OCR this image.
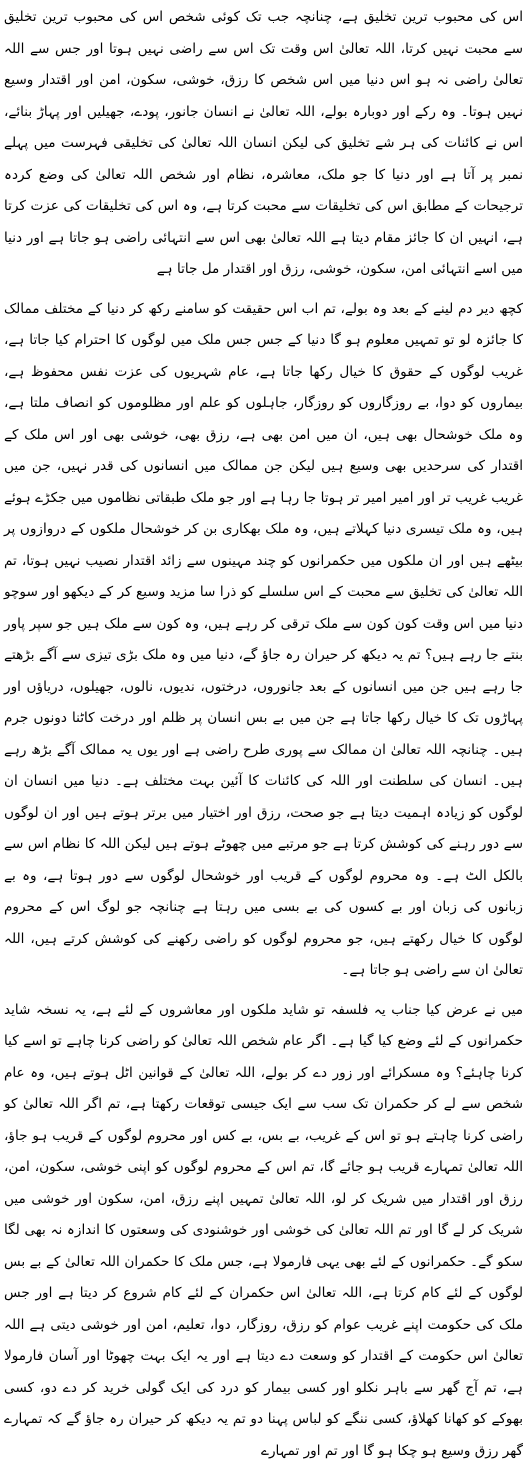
اس کی محبوب ترین تخلیق ہے، چنانچہ جب تک کوئی شخص اس کی محبوب ترین تخلیق سے محبت نہیں کرتا، اللہ تعالیٰ اس وقت تک اس سے راضی نہیں ہوتا اور جس سے اللہ تعالیٰ راضی نہ ہو اس دنیا میں اس شخص کا رزق، خوشی، سکون، امن اور اقتدار وسیع نہیں ہوتا۔ وہ رکے اور دوبارہ بولے، اللہ تعالیٰ نے انسان جانور، پودے، جھیلیں اور پہاڑ بنائے، اس نے کائنات کی ہر شے تخلیق کی لیکن انسان اللہ تعالیٰ کی تخلیقی فہرست میں پہلے نمبر پر آتا ہے اور دنیا کا جو ملک، معاشرہ، نظام اور شخص اللہ تعالیٰ کی وضع کردہ ترجیحات کے مطابق اس کی تخلیقات سے محبت کرتا ہے، وہ اس کی تخلیقات کی عزت کرتا ہے، انہیں ان کا جائز مقام دیتا ہے اللہ تعالیٰ بھی اس سے انتہائی راضی ہو جاتا ہے اور دنیا میں اسے انتہائی امن، سکون، خوشی، رزق اور اقتدار مل جاتا ہے

کچھ دیر دم لینے کے بعد وہ بولے، تم اب اس حقیقت کو سامنے رکھ کر دنیا کے مختلف ممالک کا جائزہ لو تو تمہیں معلوم ہو گا دنیا کے جس جس ملک میں لوگوں کا احترام کیا جاتا ہے، غریب لوگوں کے حقوق کا خیال رکھا جاتا ہے، عام شہریوں کی عزت نفس محفوظ ہے، بیماروں کو دوا، بے روزگاروں کو روزگار، جاہلوں کو علم اور مظلوموں کو انصاف ملتا ہے، وہ ملک خوشحال بھی ہیں، ان میں امن بھی ہے، رزق بھی، خوشی بھی اور اس ملک کے اقتدار کی سرحدیں بھی وسیع ہیں لیکن جن ممالک میں انسانوں کی قدر نہیں، جن میں غریب غریب تر اور امیر امیر تر ہوتا جا رہا ہے اور جو ملک طبقاتی نظاموں میں جکڑے ہوئے ہیں، وہ ملک تیسری دنیا کہلاتے ہیں، وہ ملک بھکاری بن کر خوشحال ملکوں کے دروازوں پر بیٹھے ہیں اور ان ملکوں میں حکمرانوں کو چند مہینوں سے زائد اقتدار نصیب نہیں ہوتا، تم اللہ تعالیٰ کی تخلیق سے محبت کے اس سلسلے کو ذرا سا مزید وسیع کر کے دیکھو اور سوچو دنیا میں اس وقت کون کون سے ملک ترقی کر رہے ہیں، وہ کون سے ملک ہیں جو سپر پاور بنتے جا رہے ہیں؟ تم یہ دیکھ کر حیران رہ جاؤ گے، دنیا میں وہ ملک بڑی تیزی سے آگے بڑھتے جا رہے ہیں جن میں انسانوں کے بعد جانوروں، درختوں، ندیوں، نالوں، جھیلوں، دریاؤں اور پہاڑوں تک کا خیال رکھا جاتا ہے جن میں بے بس انسان پر ظلم اور درخت کاٹنا دونوں جرم ہیں۔ چنانچہ اللہ تعالیٰ ان ممالک سے پوری طرح راضی ہے اور یوں یہ ممالک آگے بڑھ رہے ہیں۔ انسان کی سلطنت اور اللہ کی کائنات کا آئین بہت مختلف ہے۔ دنیا میں انسان ان لوگوں کو زیادہ اہمیت دیتا ہے جو صحت، رزق اور اختیار میں برتر ہوتے ہیں اور ان لوگوں سے دور رہنے کی کوشش کرتا ہے جو مرتبے میں چھوٹے ہوتے ہیں لیکن اللہ کا نظام اس سے بالکل الٹ ہے۔ وہ محروم لوگوں کے قریب اور خوشحال لوگوں سے دور ہوتا ہے، وہ بے زبانوں کی زبان اور بے کسوں کی بے بسی میں رہتا ہے چنانچہ جو لوگ اس کے محروم لوگوں کا خیال رکھتے ہیں، جو محروم لوگوں کو راضی رکھنے کی کوشش کرتے ہیں، اللہ تعالیٰ ان سے راضی ہو جاتا ہے۔

میں نے عرض کیا جناب یہ فلسفہ تو شاید ملکوں اور معاشروں کے لئے ہے، یہ نسخہ شاید حکمرانوں کے لئے وضع کیا گیا ہے۔ اگر عام شخص اللہ تعالیٰ کو راضی کرنا چاہے تو اسے کیا کرنا چاہئے؟ وہ مسکرائے اور زور دے کر بولے، اللہ تعالیٰ کے قوانین اٹل ہوتے ہیں، وہ عام شخص سے لے کر حکمران تک سب سے ایک جیسی توقعات رکھتا ہے، تم اگر اللہ تعالیٰ کو راضی کرنا چاہتے ہو تو اس کے غریب، بے بس، بے کس اور محروم لوگوں کے قریب ہو جاؤ، اللہ تعالیٰ تمہارے قریب ہو جائے گا، تم اس کے محروم لوگوں کو اپنی خوشی، سکون، امن، رزق اور اقتدار میں شریک کر لو، اللہ تعالیٰ تمہیں اپنے رزق، امن، سکون اور خوشی میں شریک کر لے گا اور تم اللہ تعالیٰ کی خوشی اور خوشنودی کی وسعتوں کا اندازہ نہ بھی لگا سکو گے۔ حکمرانوں کے لئے بھی یہی فارمولا ہے، جس ملک کا حکمران اللہ تعالیٰ کے بے بس لوگوں کے لئے کام کرتا ہے، اللہ تعالیٰ اس حکمران کے لئے کام شروع کر دیتا ہے اور جس ملک کی حکومت اپنے غریب عوام کو رزق، روزگار، دوا، تعلیم، امن اور خوشی دیتی ہے اللہ تعالیٰ اس حکومت کے اقتدار کو وسعت دے دیتا ہے اور یہ ایک بہت چھوٹا اور آسان فارمولا ہے، تم آج گھر سے باہر نکلو اور کسی بیمار کو درد کی ایک گولی خرید کر دے دو، کسی بھوکے کو کھانا کھلاؤ، کسی ننگے کو لباس پہنا دو تم یہ دیکھ کر حیران رہ جاؤ گے کہ تمہارے گھر رزق وسیع ہو چکا ہو گا اور تم اور تمہارے
